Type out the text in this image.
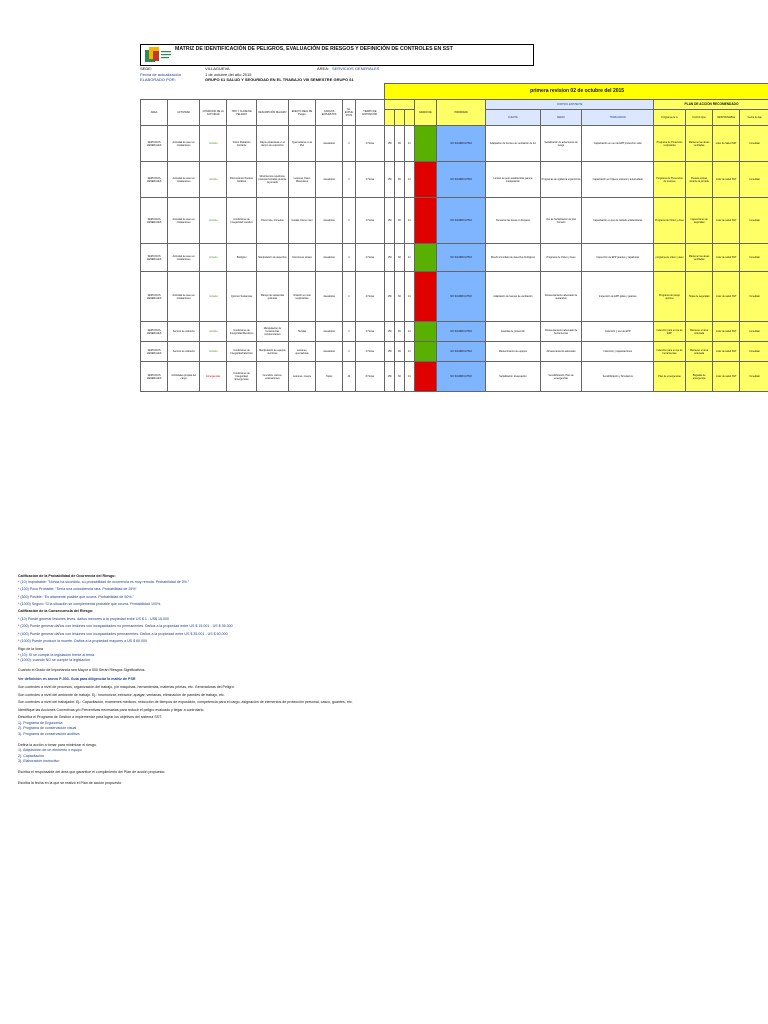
MATRIZ DE IDENTIFICACIÓN DE PELIGROS, EVALUACIÓN DE RIESGOS Y DEFINICIÓN DE CONTROLES EN SST
SEDE:	VILLAGUEVA	AREA: SERVICIOS GENERALES
Fecha de actualización	1 de octubre del año 2015
ELABORADO POR:	GRUPO 61 SALUD Y SEGURIDAD EN EL TRABAJO VIII SEMESTRE GRUPO 61
									primera revision 02 de octubre del 2015											
AREA	ACTIVIDAD	CONDICION DE LA ACTIVIDAD	TIPO Y CLASE DE PELIGRO	DESCRIPCIÓN PELIGRO	EFECTO REAL DE Peligro	CARGOS EXPUESTOS	No. EXPUESTOS	TIEMPO DE EXPOSICIÓN				GRADO DE	PRIORIDAD	CONTROL EXISTENTE			PLAN DE ACCIÓN RECOMENDADO			
														FUENTE	MEDIO	TRABAJADOR	Programa de G	Control Oper	RESPONSABLE	Fecha de Eje
SERVICIOS GENERALES	Actividad de aseo en instalaciones	rutinaria	Físico Radiación Ionizante	Rayos ultravioleta en el tiempo de exposición	Quemaduras en la Piel	Aseadoras	4	4 Horas	150	60	41	LOW	NO SIGNIFICATIVO	Adaptación de fuentes de ventilación de luz	Señalización de advertencia de riesgo	Capacitación en uso de EPP protección solar	Programa de Protección respiratoria	Mantener las áreas ventiladas	Líder de Salud SST	Inmediato
SERVICIOS GENERALES	Actividad de aseo en instalaciones	rutinaria	Biomecánico Postura Estática	Movimientos repetitivos, posturas forzadas durante la jornada	Lesiones Osteo Musculares	Aseadoras	4	4 Horas	150	60	41	HIGH	NO SIGNIFICATIVO	Límites de peso establecidos para la manipulación	Programas de vigilancia ergonómica	Capacitación en higiene postural y autocuidado	Programa de Prevención de lesiones	Pausas activas durante la jornada	Líder de salud SST	Inmediato
SERVICIOS GENERALES	Actividad de aseo en instalaciones	rutinaria	Condiciones de Inseguridad Locativo	Pisos lisos, húmedos	Caídas mismo nivel	Aseadoras	4	4 Horas	150	60	41	HIGH	NO SIGNIFICATIVO	Demarcar las áreas en limpieza	Uso de Señalización de piso húmedo	Capacitación en uso de calzado antideslizante	Programa de Orden y Aseo	Inspecciones de seguridad	Líder de salud SST	Inmediato
SERVICIOS GENERALES	Actividad de aseo en instalaciones	rutinaria	Biológico	Manipulación de desechos	Infecciones virales	Aseadoras	4	4 Horas	150	60	41	LOW	NO SIGNIFICATIVO	Diseño inmediato de desechos biológicos	Programa de Orden y Aseo	Inspección de EPP guantes y tapabocas	programa de orden y aseo	Mantener las áreas ventiladas	Líder de salud SST	Inmediato
SERVICIOS GENERALES	Actividad de aseo en instalaciones	rutinaria	Químico Sustancias	Manejo de sustancias químicas	Irritación en vías respiratorias	Aseadoras	4	4 Horas	150	60	41	HIGH	NO SIGNIFICATIVO	Adaptación de fuentes de ventilación	Almacenamiento adecuado de sustancias	Inspección de EPP gafas y guantes	Programa de riesgo químico	Hojas de seguridad	Líder de salud SST	Inmediato
SERVICIOS GENERALES	Servicio de cafetería	rutinaria	Condiciones de Inseguridad Mecánico	Manipulación de herramientas cortopunzantes	Heridas	Aseadoras	4	4 Horas	150	60	41	LOW	NO SIGNIFICATIVO	Guardas de protección	Almacenamiento adecuado de herramientas	Inducción y uso de EPP	Inducción para el uso de EPP	Mantener el área ordenada	Líder de salud SST	Inmediato
SERVICIOS GENERALES	Servicio de cafetería	rutinaria	Condiciones de Inseguridad Eléctrico	Manipulación de equipos eléctricos	Lesiones, quemaduras	Aseadoras	4	4 Horas	150	60	41	LOW	NO SIGNIFICATIVO	Mantenimiento de equipos	Almacenamiento adecuado	Inducción y capacitaciones	Inducción para el uso de herramientas	Mantener el área ordenada	Líder de salud SST	Inmediato
SERVICIOS GENERALES	Actividades propias del cargo	Emergencias	Condiciones de Inseguridad Emergencias	Incendios, sismos, evacuaciones	Lesiones, muerte	Todos	40	8 Horas	150	60	41	HIGH	NO SIGNIFICATIVO	Señalización, Evacuación	Sensibilización, Plan de emergencias	Sensibilización y Simulacros	Plan de emergencias	Brigadas de emergencia	Líder de salud SST	Inmediato
Calificación de la Probabilidad de Ocurrencia del Riesgo:
* (10) Improbable: "Nunca ha sucedido, su probabilidad de ocurrencia es muy remota. Probabilidad de 0%."
* (100) Poco Probable: "Sería una coincidencia rara. Probabilidad de 25%"
* (500) Posible: "Es altamente posible que ocurra. Probabilidad de 50%."
* (1000) Seguro: Si la situación se complementa probable que ocurra. Probabilidad 100%.
Calificación de la Consecuencia del Riesgo:
* (10) Puede generar lesiones leves, daños menores a la propiedad entre US $ 1 - US$ 15.000
* (200) Puede generar daños con lesiones con incapacidades no permanentes. Daños a la propiedad entre US $ 15.001 - US $ 35.000
* (400) Puede generar daños con lesiones con incapacidades permanentes. Daños a la propiedad entre US $ 35.001 - US $ 60.000
* (1000) Puede producir la muerte. Daños a la propiedad mayores a US $ 60.000
Rigo de la línea
* (10): SI se cumple la legislación frente al tema
* (1000): cuando NO se cumple la legislación
Cuando el Grado de Importancia sea Mayor a 500 Serán Riesgos Significativos.
Ver definición en anexo P-003. Guía para diligenciar la matriz de PSR
Son controles a nivel de procesos, organización del trabajo, y/o máquinas, herramientas, materias primas, etc. Generadoras del Peligro.
Son controles a nivel del ambiente de trabajo. Ej.: Insonorizar, extractor, apagar, ventanas, eliminación de paredes de trabajo, etc.
Son controles a nivel del trabajador. Ej.: Capacitación, exámenes médicos, reducción de tiempos de exposición, competencia para el cargo, asignación de elementos de protección personal, casco, guantes, etc.
Identifique las Acciones Correctivas y/o Preventivas necesarias para reducir el peligro evaluado y llegar a controlarlo.
Describa el Programa de Gestión a implementar para lograr los objetivos del sistema SST:
1). Programa de Ergonomía
2). Programa de conservación visual
3). Programa de conservación auditiva
Defina la acción a tomar para minimizar el riesgo.
1). Adquisición de un elemento o equipo
2). Capacitación
3). Elaboración instructivo
Escriba el responsable del área que garantice el cumplimiento del Plan de acción propuesto.
Escriba la fecha en la que se realizó el Plan de acción propuesto.
